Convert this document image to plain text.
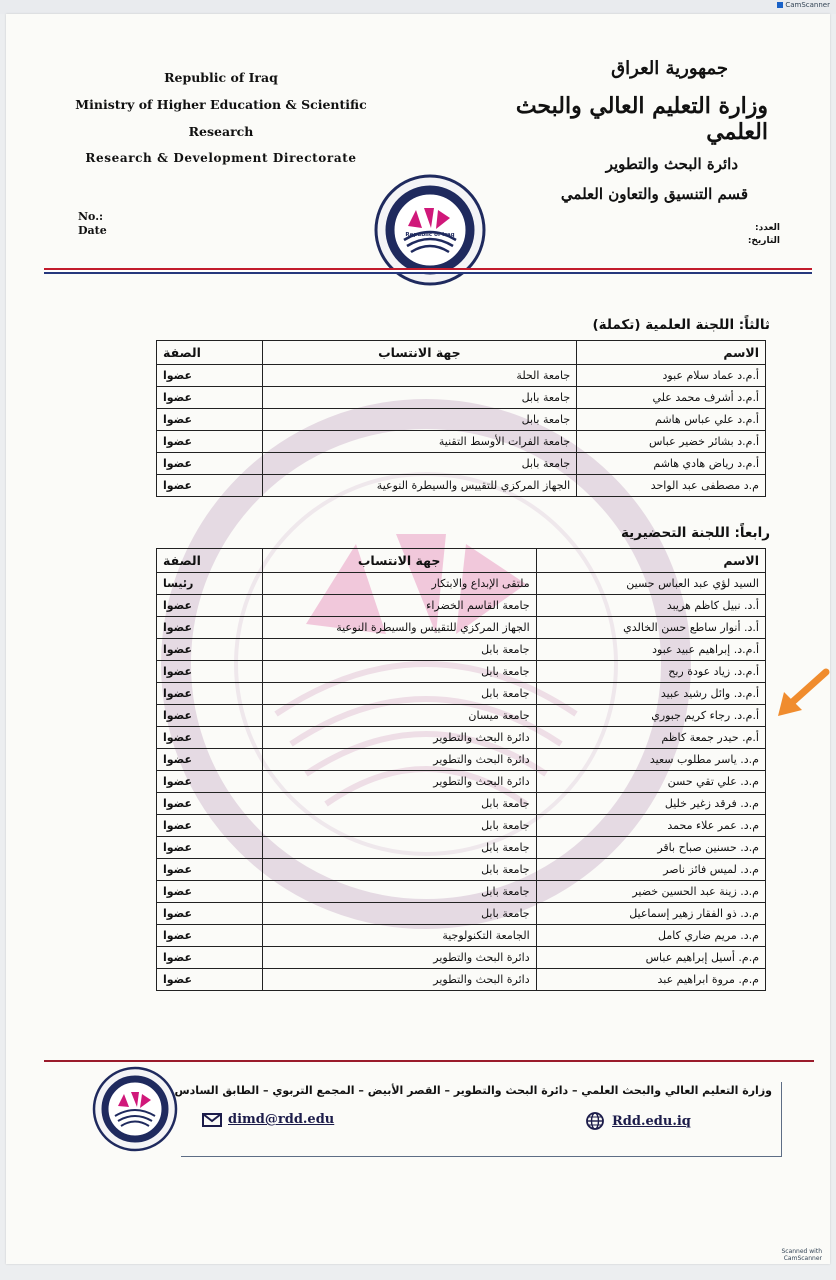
CamScanner
Republic of Iraq
Ministry of Higher Education & Scientific
Research
Research & Development Directorate
No.:
Date
جمهورية العراق
وزارة التعليم العالي والبحث العلمي
دائرة البحث والتطوير
قسم التنسيق والتعاون العلمي
العدد:
التاريخ:
Republic of Iraq
ثالثاً: اللجنة العلمية (تكملة)
الاسم	جهة الانتساب	الصفة
أ.م.د عماد سلام عبود	جامعة الحلة	عضوا
أ.م.د أشرف محمد علي	جامعة بابل	عضوا
أ.م.د علي عباس هاشم	جامعة بابل	عضوا
أ.م.د بشائر خضير عباس	جامعة الفرات الأوسط التقنية	عضوا
أ.م.د رياض هادي هاشم	جامعة بابل	عضوا
م.د مصطفى عبد الواحد	الجهاز المركزي للتقييس والسيطرة النوعية	عضوا
رابعاً: اللجنة التحضيرية
الاسم	جهة الانتساب	الصفة
السيد لؤي عبد العباس حسين	ملتقى الإبداع والابتكار	رئيسا
أ.د. نبيل كاظم هريبد	جامعة القاسم الخضراء	عضوا
أ.د. أنوار ساطع حسن الخالدي	الجهاز المركزي للتقييس والسيطرة النوعية	عضوا
أ.م.د. إبراهيم عبيد عبود	جامعة بابل	عضوا
أ.م.د. زياد عودة ربح	جامعة بابل	عضوا
أ.م.د. وائل رشيد عبيد	جامعة بابل	عضوا
أ.م.د. رجاء كريم جبوري	جامعة ميسان	عضوا
أ.م. حيدر جمعة كاظم	دائرة البحث والتطوير	عضوا
م.د. ياسر مطلوب سعيد	دائرة البحث والتطوير	عضوا
م.د. علي تقي حسن	دائرة البحث والتطوير	عضوا
م.د. فرقد زغير خليل	جامعة بابل	عضوا
م.د. عمر علاء محمد	جامعة بابل	عضوا
م.د. حسنين صباح باقر	جامعة بابل	عضوا
م.د. لميس فائز ناصر	جامعة بابل	عضوا
م.د. زينة عبد الحسين خضير	جامعة بابل	عضوا
م.د. ذو الفقار زهير إسماعيل	جامعة بابل	عضوا
م.د. مريم ضاري كامل	الجامعة التكنولوجية	عضوا
م.م. أسيل إبراهيم عباس	دائرة البحث والتطوير	عضوا
م.م. مروة ابراهيم عبد	دائرة البحث والتطوير	عضوا
وزارة التعليم العالي والبحث العلمي – دائرة البحث والتطوير – القصر الأبيض – المجمع التربوي – الطابق السادس
dimd@rdd.edu	Rdd.edu.iq
Scanned with
CamScanner
